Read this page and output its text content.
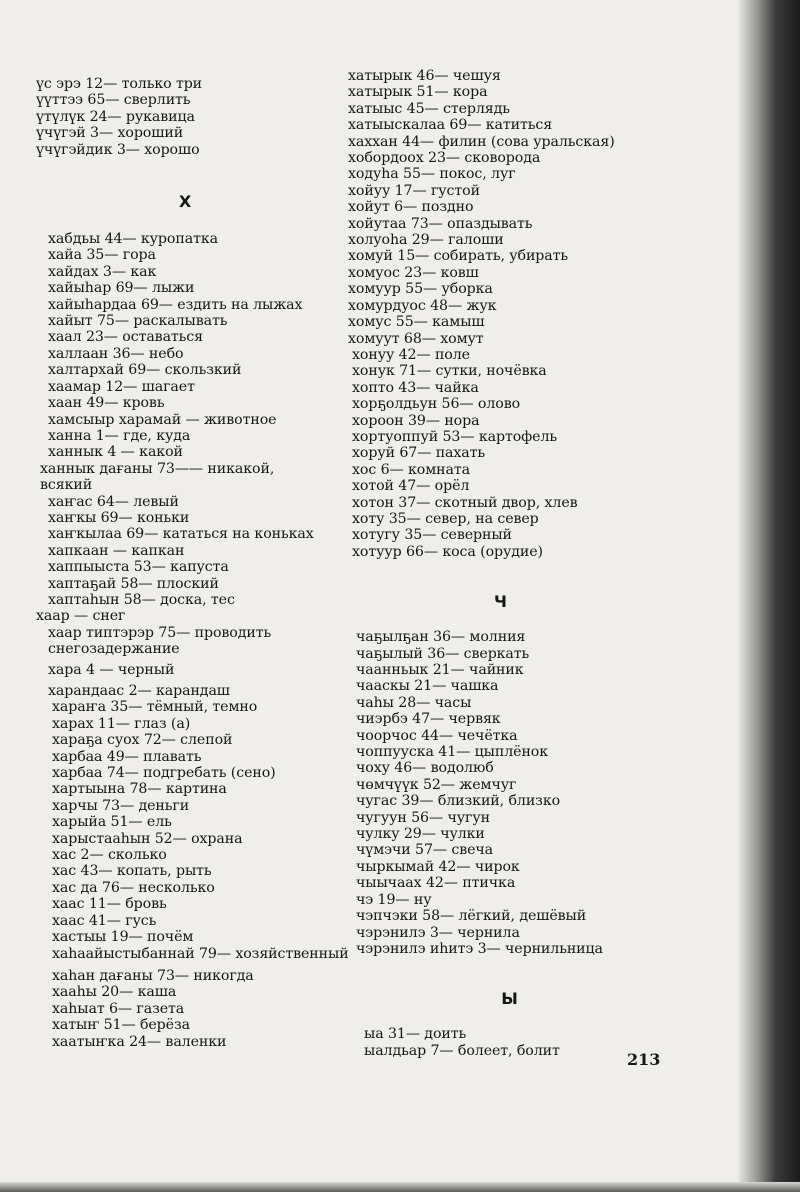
үс эрэ 12— только три
үүттээ 65— сверлить
үтүлүк 24— рукавица
үчүгэй 3— хороший
үчүгэйдик 3— хорошо
Х
хабдьы 44— куропатка
хайа 35— гора
хайдах 3— как
хайыһар 69— лыжи
хайыһардаа 69— ездить на лыжах
хайыт 75— раскалывать
хаал 23— оставаться
халлаан 36— небо
халтархай 69— скользкий
хаамар 12— шагает
хаан 49— кровь
хамсыыр харамай — животное
ханна 1— где, куда
ханнык 4 — какой
ханнык дағаны 73—— никакой, всякий
хаҥас 64— левый
хаҥкы 69— коньки
хаҥкылаа 69— кататься на коньках
хапкаан — капкан
хаппыыста 53— капуста
хаптаҕай 58— плоский
хаптаһын 58— доска, тес
хаар — снег
хаар типтэрэр 75— проводить снегозадержание
хара 4 — черный
харандаас 2— карандаш
хараҥа 35— тёмный, темно
харах 11— глаз (а)
хараҕа суох 72— слепой
харбаа 49— плавать
харбаа 74— подгребать (сено)
хартыына 78— картина
харчы 73— деньги
харыйа 51— ель
харыстааһын 52— охрана
хас 2— сколько
хас 43— копать, рыть
хас да 76— несколько
хаас 11— бровь
хаас 41— гусь
хастыы 19— почём
хаһаайыстыбаннай 79— хозяйственный
хаһан дағаны 73— никогда
хааһы 20— каша
хаһыат 6— газета
хатыҥ 51— берёза
хаатыҥка 24— валенки
хатырык 46— чешуя
хатырык 51— кора
хатыыс 45— стерлядь
хатыыскалаа 69— катиться
хаххан 44— филин (сова уральская)
хобордоох 23— сковорода
ходуһа 55— покос, луг
хойуу 17— густой
хойут 6— поздно
хойутаа 73— опаздывать
холуоһа 29— галоши
хомуй 15— собирать, убирать
хомуос 23— ковш
хомуур 55— уборка
хомурдуос 48— жук
хомус 55— камыш
хомуут 68— хомут
хонуу 42— поле
хонук 71— сутки, ночёвка
хопто 43— чайка
хорҕолдьун 56— олово
хороон 39— нора
хортуоппуй 53— картофель
хоруй 67— пахать
хос 6— комната
хотой 47— орёл
хотон 37— скотный двор, хлев
хоту 35— север, на север
хотугу 35— северный
хотуур 66— коса (орудие)
Ч
чаҕылҕан 36— молния
чаҕылый 36— сверкать
чаанньык 21— чайник
чааскы 21— чашка
чаһы 28— часы
чиэрбэ 47— червяк
чоорчос 44— чечётка
чоппуускa 41— цыплёнок
чоху 46— водолюб
чөмчүүк 52— жемчуг
чугас 39— близкий, близко
чугуун 56— чугун
чулку 29— чулки
чүмэчи 57— свеча
чыркымай 42— чирок
чыычаах 42— птичка
чэ 19— ну
чэпчэки 58— лёгкий, дешёвый
чэрэнилэ 3— чернила
чэрэнилэ иһитэ 3— чернильница
Ы
ыа 31— доить
ыалдьар 7— болеет, болит	213
